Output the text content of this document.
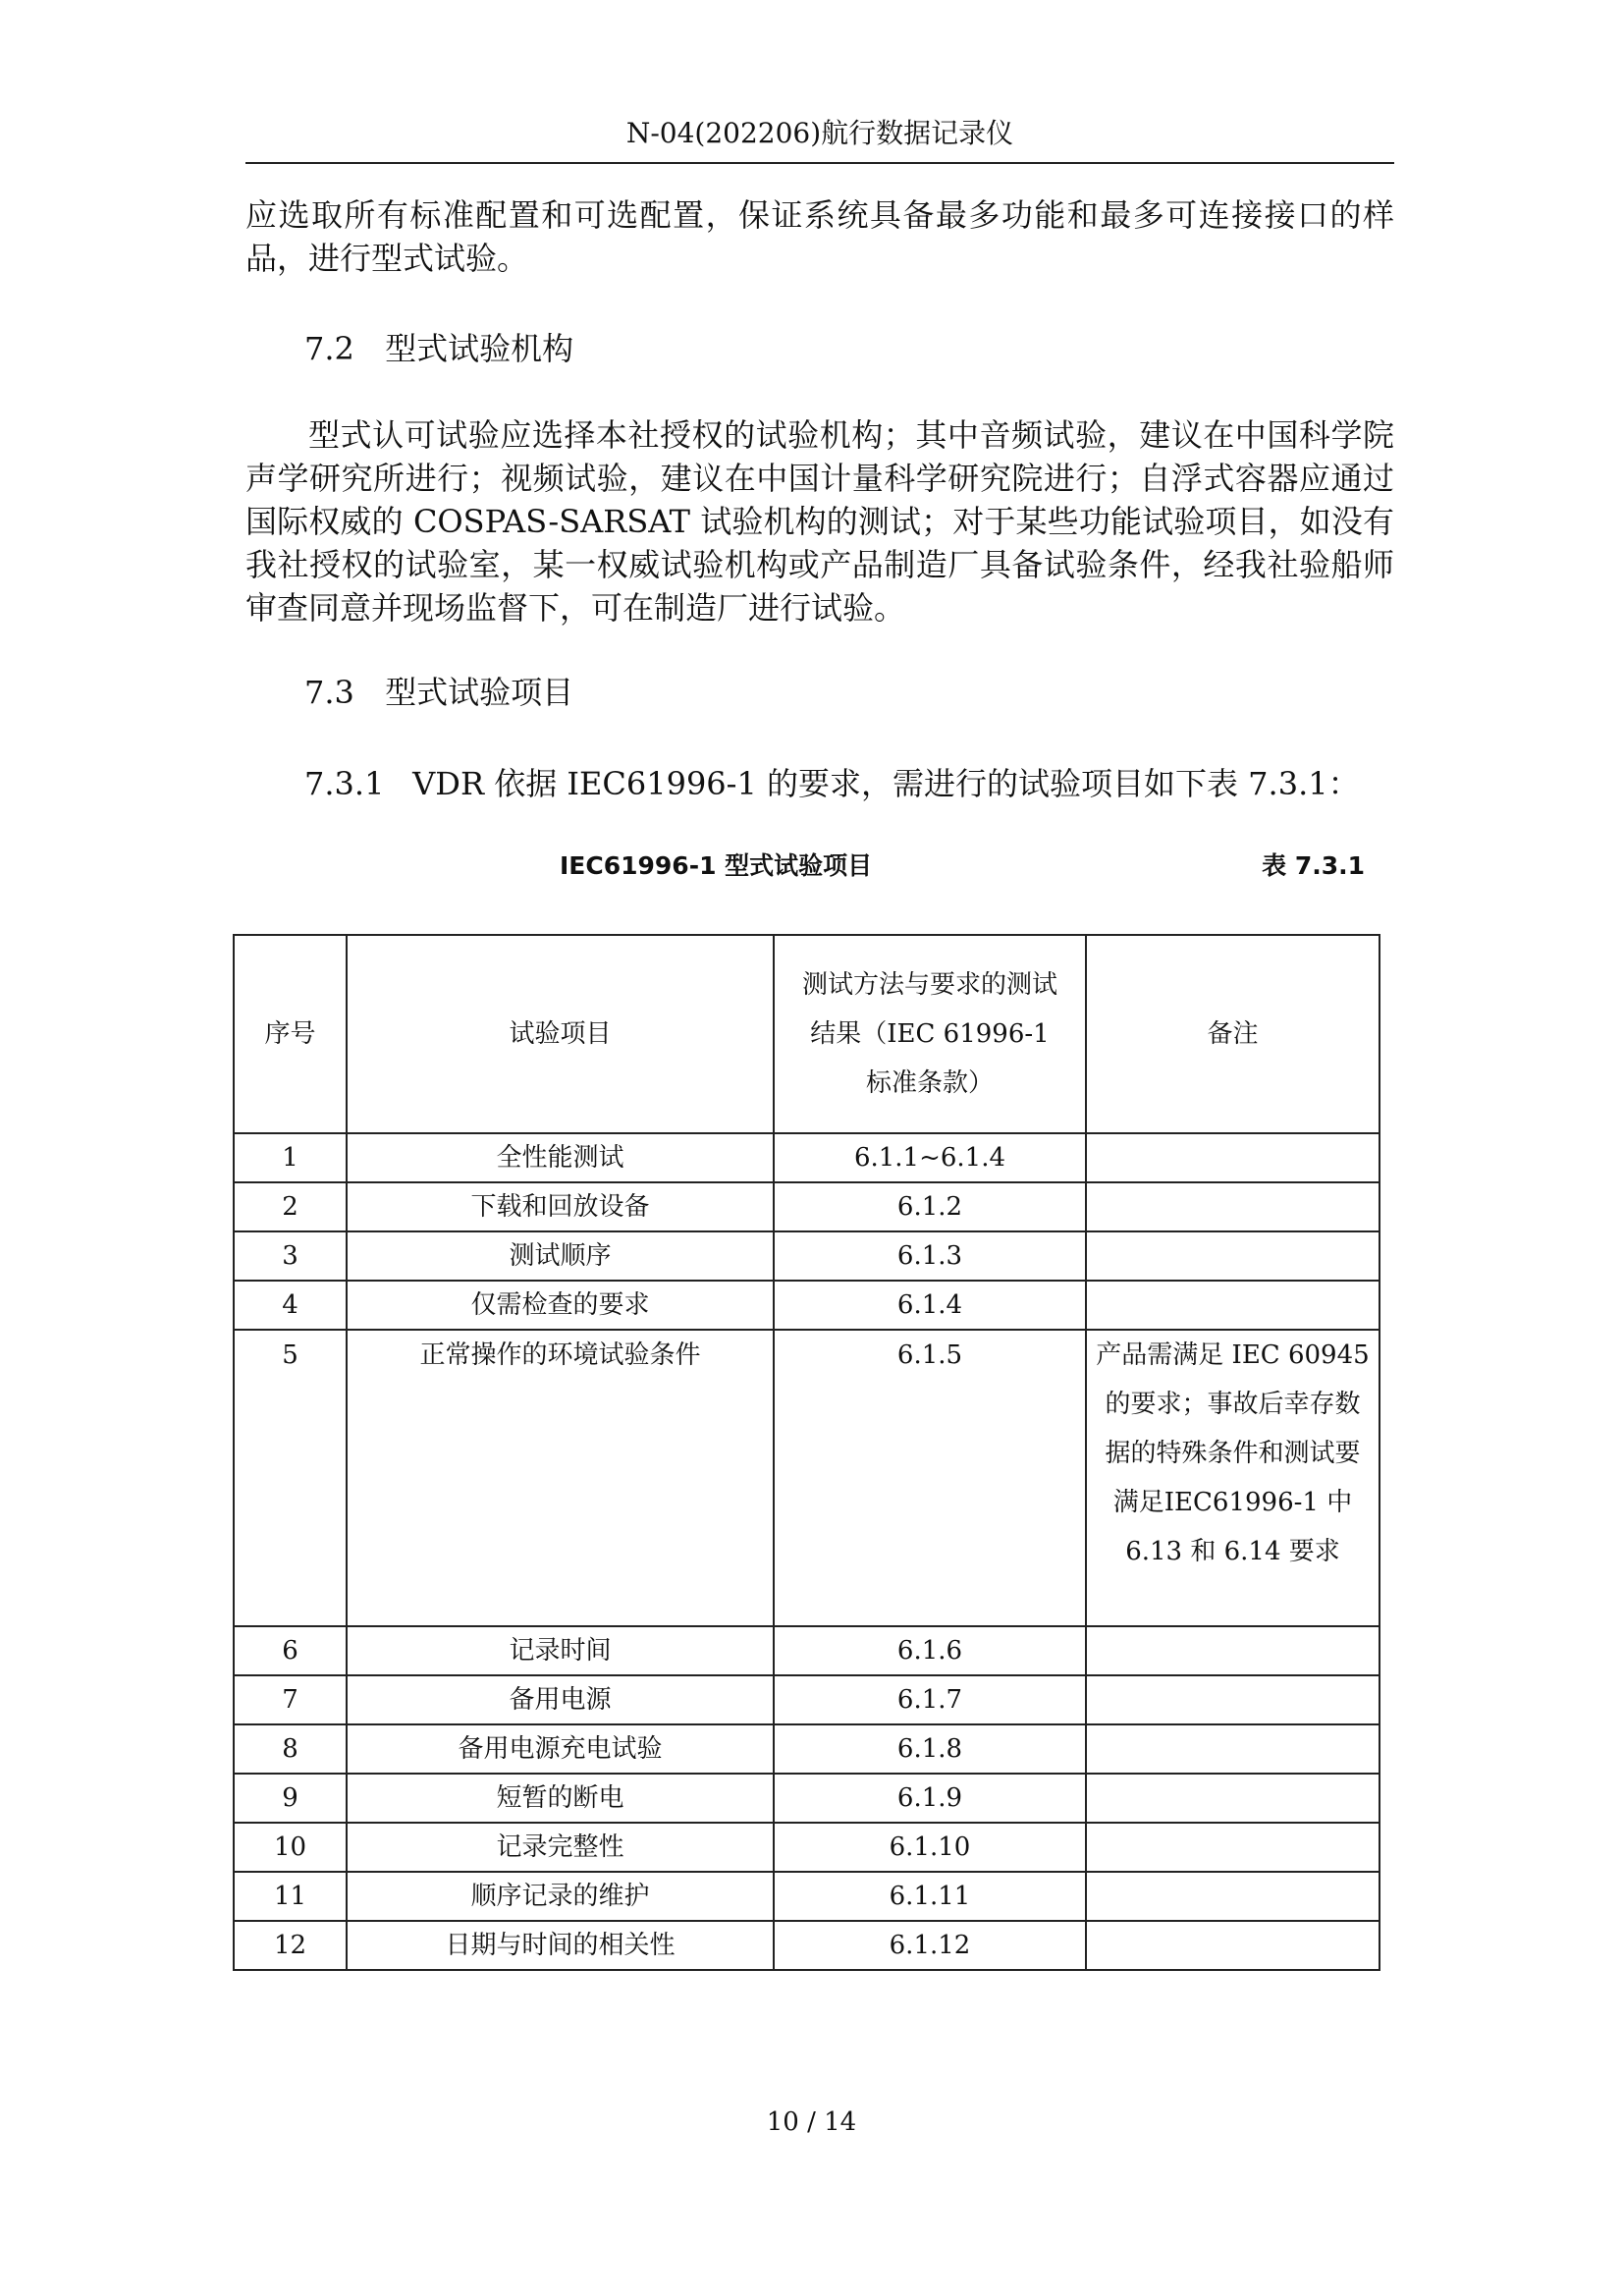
N-04(202206)航行数据记录仪

应选取所有标准配置和可选配置，保证系统具备最多功能和最多可连接接口的样品，进行型式试验。

7.2 型式试验机构

型式认可试验应选择本社授权的试验机构；其中音频试验，建议在中国科学院声学研究所进行；视频试验，建议在中国计量科学研究院进行；自浮式容器应通过国际权威的 COSPAS-SARSAT 试验机构的测试；对于某些功能试验项目，如没有我社授权的试验室，某一权威试验机构或产品制造厂具备试验条件，经我社验船师审查同意并现场监督下，可在制造厂进行试验。

7.3 型式试验项目

7.3.1 VDR 依据 IEC61996-1 的要求，需进行的试验项目如下表 7.3.1：

IEC61996-1 型式试验项目	表 7.3.1
序号	试验项目	测试方法与要求的测试结果（IEC 61996-1 标准条款）	备注
1	全性能测试	6.1.1~6.1.4	
2	下载和回放设备	6.1.2	
3	测试顺序	6.1.3	
4	仅需检查的要求	6.1.4	
5	正常操作的环境试验条件	6.1.5	产品需满足 IEC 60945 的要求；事故后幸存数据的特殊条件和测试要满足IEC61996-1 中 6.13 和 6.14 要求
6	记录时间	6.1.6	
7	备用电源	6.1.7	
8	备用电源充电试验	6.1.8	
9	短暂的断电	6.1.9	
10	记录完整性	6.1.10	
11	顺序记录的维护	6.1.11	
12	日期与时间的相关性	6.1.12	
10 / 14
